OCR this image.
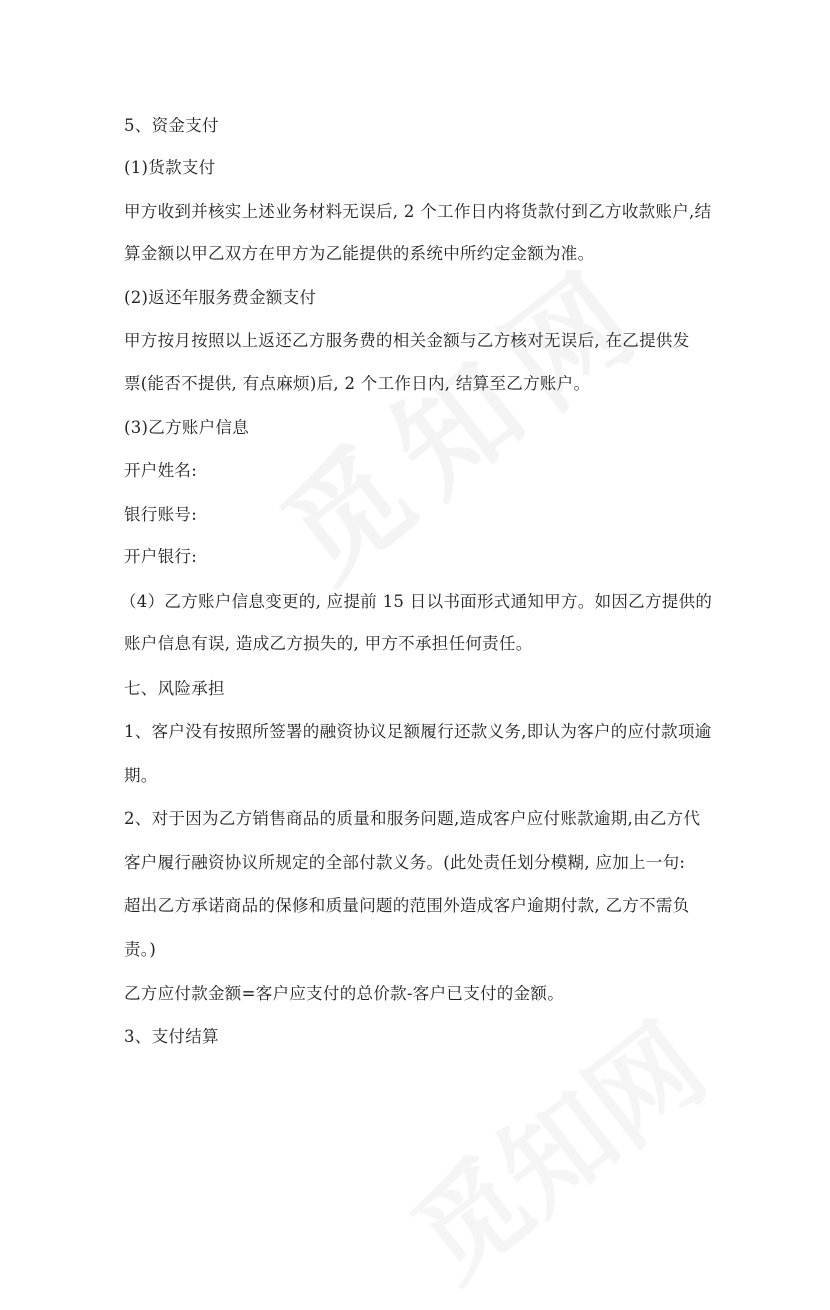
5、资金支付

(1)货款支付

甲方收到并核实上述业务材料无误后, 2 个工作日内将货款付到乙方收款账户,结

算金额以甲乙双方在甲方为乙能提供的系统中所约定金额为准。

(2)返还年服务费金额支付

甲方按月按照以上返还乙方服务费的相关金额与乙方核对无误后, 在乙提供发

票(能否不提供, 有点麻烦)后, 2 个工作日内, 结算至乙方账户。

(3)乙方账户信息

开户姓名:

银行账号:

开户银行:

（4）乙方账户信息变更的, 应提前 15 日以书面形式通知甲方。如因乙方提供的

账户信息有误, 造成乙方损失的, 甲方不承担任何责任。

七、风险承担

1、客户没有按照所签署的融资协议足额履行还款义务,即认为客户的应付款项逾

期。

2、对于因为乙方销售商品的质量和服务问题,造成客户应付账款逾期,由乙方代

客户履行融资协议所规定的全部付款义务。(此处责任划分模糊, 应加上一句:

超出乙方承诺商品的保修和质量问题的范围外造成客户逾期付款, 乙方不需负

责。)

乙方应付款金额=客户应支付的总价款-客户已支付的金额。

3、支付结算
